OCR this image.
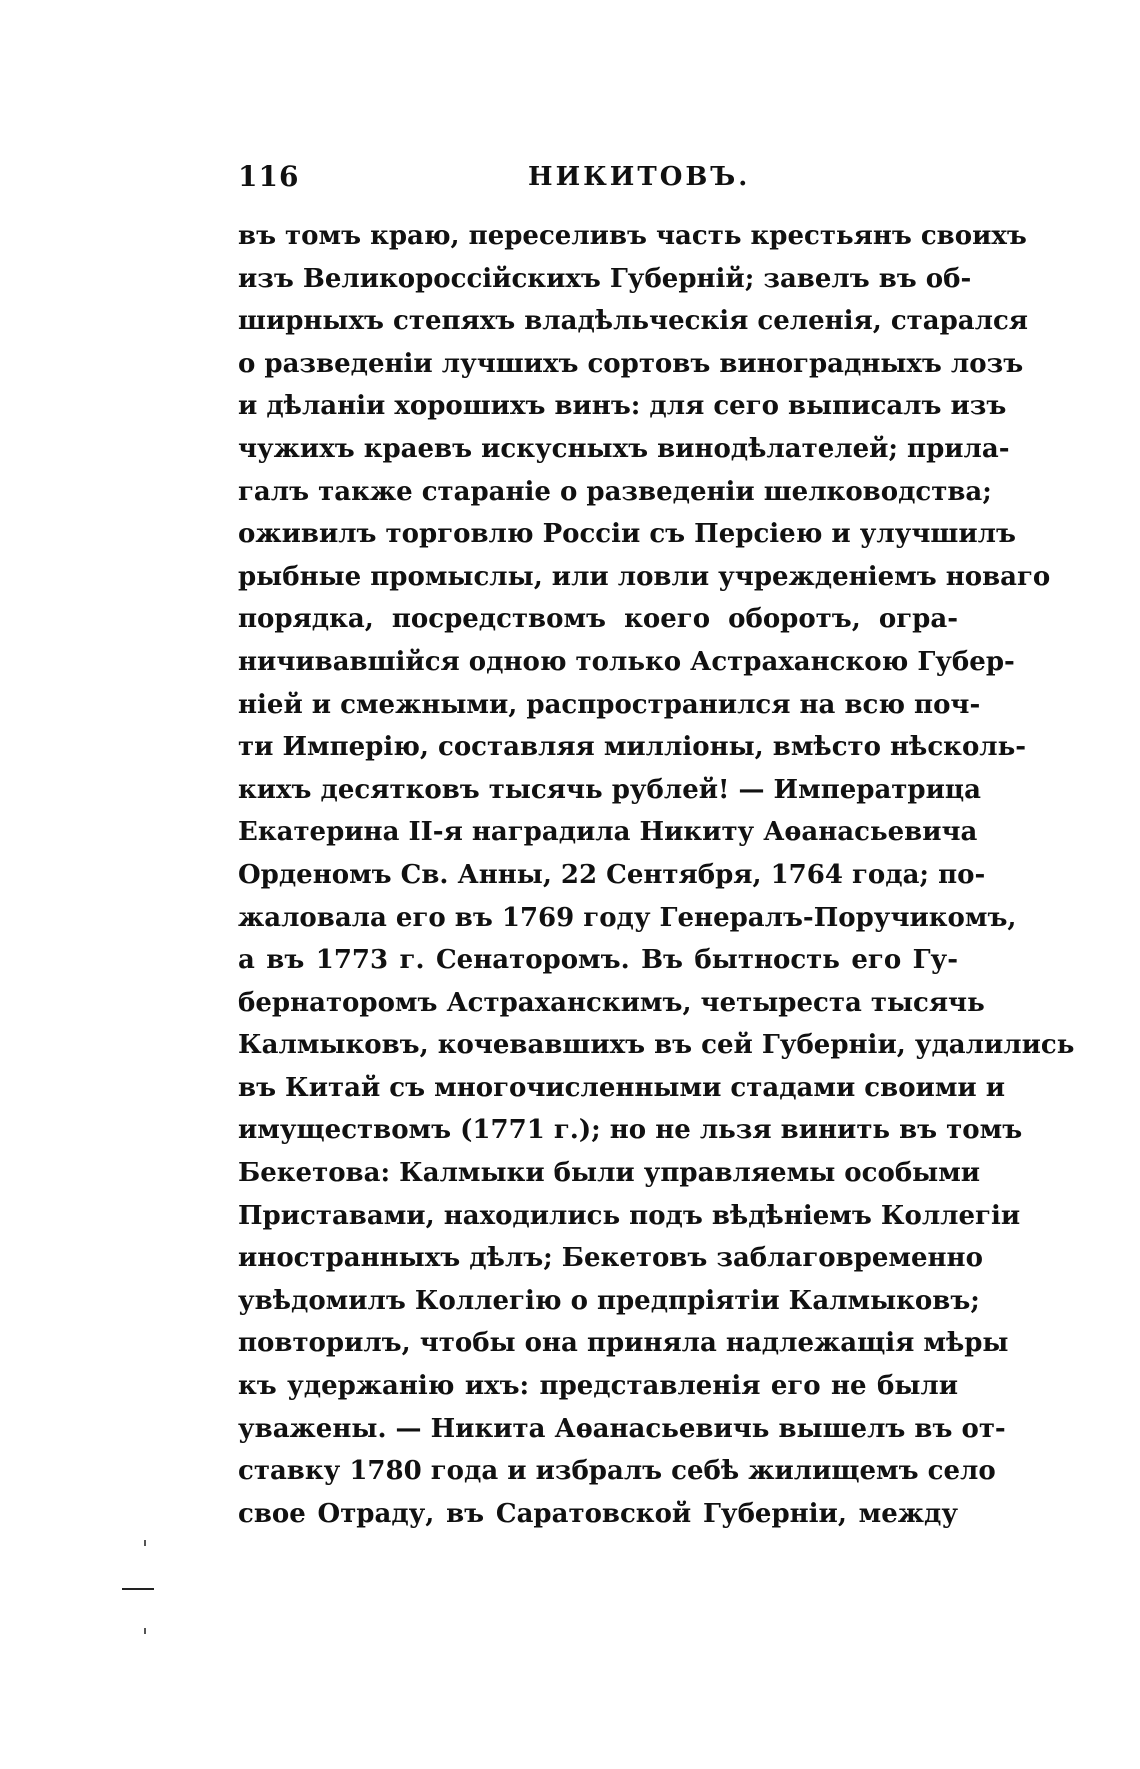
116	НИКИТОВЪ.
въ томъ краю, переселивъ часть крестьянъ своихъ
изъ Великороссійскихъ Губерній; завелъ въ об-
ширныхъ степяхъ владѣльческія селенія, старался
о разведеніи лучшихъ сортовъ виноградныхъ лозъ
и дѣланіи хорошихъ винъ: для сего выписалъ изъ
чужихъ краевъ искусныхъ винодѣлателей; прила-
галъ также стараніе о разведеніи шелководства;
оживилъ торговлю Россіи съ Персіею и улучшилъ
рыбные промыслы, или ловли учрежденіемъ новаго
порядка, посредствомъ коего оборотъ, огра-
ничивавшійся одною только Астраханскою Губер-
ніей и смежными, распространился на всю поч-
ти Имперію, составляя милліоны, вмѣсто нѣсколь-
кихъ десятковъ тысячь рублей! — Императрица
Екатерина II-я наградила Никиту Аѳанасьевича
Орденомъ Св. Анны, 22 Сентября, 1764 года; по-
жаловала его въ 1769 году Генералъ-Поручикомъ,
а въ 1773 г. Сенаторомъ. Въ бытность его Гу-
бернаторомъ Астраханскимъ, четыреста тысячь
Калмыковъ, кочевавшихъ въ сей Губерніи, удалились
въ Китай съ многочисленными стадами своими и
имуществомъ (1771 г.); но не льзя винить въ томъ
Бекетова: Калмыки были управляемы особыми
Приставами, находились подъ вѣдѣніемъ Коллегіи
иностранныхъ дѣлъ; Бекетовъ заблаговременно
увѣдомилъ Коллегію о предпріятіи Калмыковъ;
повторилъ, чтобы она приняла надлежащія мѣры
къ удержанію ихъ: представленія его не были
уважены. — Никита Аѳанасьевичь вышелъ въ от-
ставку 1780 года и избралъ себѣ жилищемъ село
свое Отраду, въ Саратовской Губерніи, между
